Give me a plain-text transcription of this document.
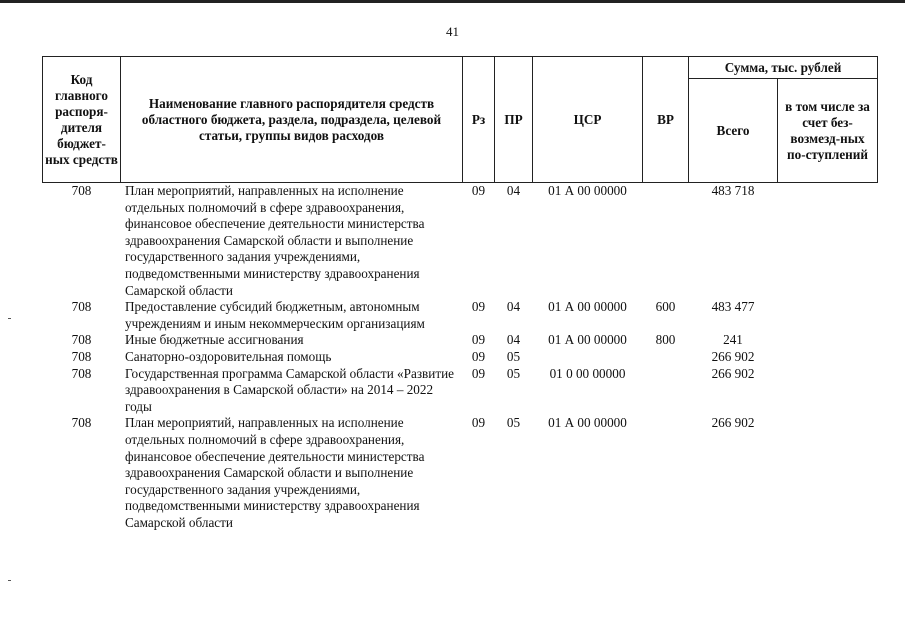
41
Код главного распоря-дителя бюджет-ных средств	Наименование главного распорядителя средств областного бюджета, раздела, подраздела, целевой статьи, группы видов расходов	Рз	ПР	ЦСР	ВР	Сумма, тыс. рублей	
						Всего	в том числе за счет без-возмезд-ных по-ступлений
708	План мероприятий, направленных на исполнение отдельных полномочий в сфере здравоохранения, финансовое обеспечение деятельности министерства здравоохранения Самарской области и выполнение государственного задания учреждениями, подведомственными министерству здравоохранения Самарской области	09	04	01 А 00 00000		483 718	
708	Предоставление субсидий бюджетным, автономным учреждениям и иным некоммерческим организациям	09	04	01 А 00 00000	600	483 477	
708	Иные бюджетные ассигнования	09	04	01 А 00 00000	800	241	
708	Санаторно-оздоровительная помощь	09	05			266 902	
708	Государственная программа Самарской области «Развитие здравоохранения в Самарской области» на 2014 – 2022 годы	09	05	01 0 00 00000		266 902	
708	План мероприятий, направленных на исполнение отдельных полномочий в сфере здравоохранения, финансовое обеспечение деятельности министерства здравоохранения Самарской области и выполнение государственного задания учреждениями, подведомственными министерству здравоохранения Самарской области	09	05	01 А 00 00000		266 902	
